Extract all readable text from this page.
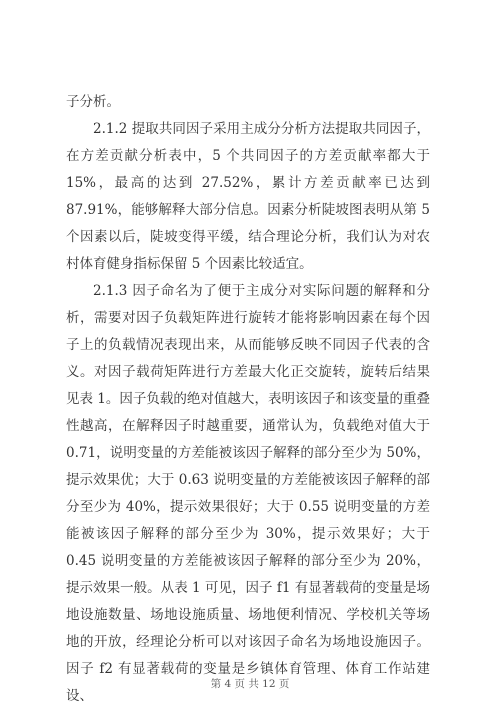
子分析。

2.1.2 提取共同因子采用主成分分析方法提取共同因子，在方差贡献分析表中，5 个共同因子的方差贡献率都大于 15%，最高的达到 27.52%，累计方差贡献率已达到 87.91%，能够解释大部分信息。因素分析陡坡图表明从第 5 个因素以后，陡坡变得平缓，结合理论分析，我们认为对农村体育健身指标保留 5 个因素比较适宜。

2.1.3 因子命名为了便于主成分对实际问题的解释和分析，需要对因子负载矩阵进行旋转才能将影响因素在每个因子上的负载情况表现出来，从而能够反映不同因子代表的含义。对因子载荷矩阵进行方差最大化正交旋转，旋转后结果见表 1。因子负载的绝对值越大，表明该因子和该变量的重叠性越高，在解释因子时越重要，通常认为，负载绝对值大于 0.71，说明变量的方差能被该因子解释的部分至少为 50%，提示效果优；大于 0.63 说明变量的方差能被该因子解释的部分至少为 40%，提示效果很好；大于 0.55 说明变量的方差能被该因子解释的部分至少为 30%，提示效果好；大于 0.45 说明变量的方差能被该因子解释的部分至少为 20%，提示效果一般。从表 1 可见，因子 f1 有显著载荷的变量是场地设施数量、场地设施质量、场地便利情况、学校机关等场地的开放，经理论分析可以对该因子命名为场地设施因子。因子 f2 有显著载荷的变量是乡镇体育管理、体育工作站建设、

第 4 页 共 12 页
